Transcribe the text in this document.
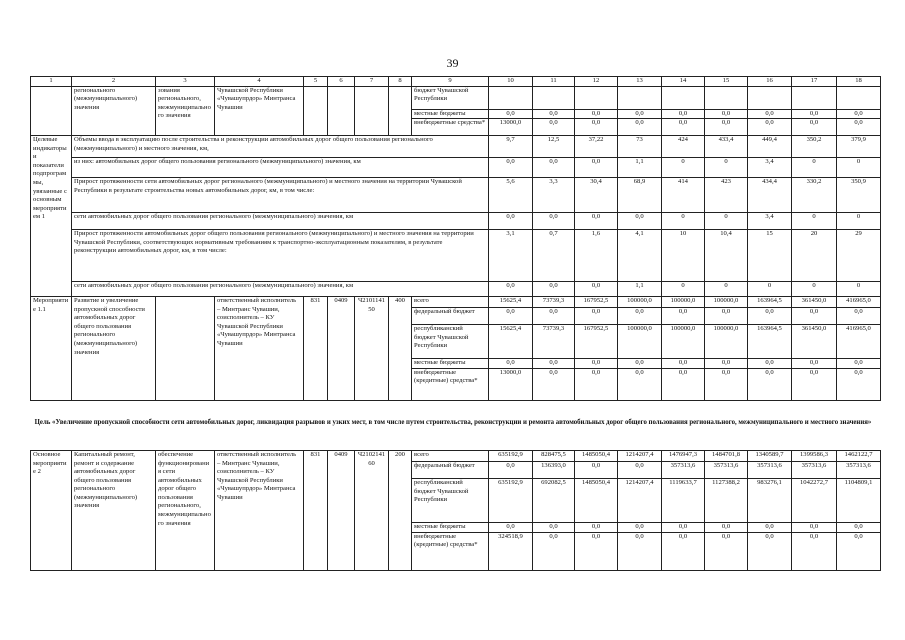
39
1	2	3	4	5	6	7	8	9	10	11	12	13	14	15	16	17	18
	регионального (межмуниципального) значения	зования регионального, межмуниципального значения	Чувашской Республики «Чувашупрдор» Минтранса Чувашии					бюджет Чувашской Республики									
								местные бюджеты	0,0	0,0	0,0	0,0	0,0	0,0	0,0	0,0	0,0
								внебюджетные средства*	13000,0	0,0	0,0	0,0	0,0	0,0	0,0	0,0	0,0
Целевые индикаторы и показатели подпрограммы, увязанные с основным мероприятием 1	Объемы ввода в эксплуатацию после строительства и реконструкции автомобильных дорог общего пользования регионального (межмуниципального) и местного значения, км,								9,7	12,5	37,22	73	424	433,4	449,4	350,2	379,9
	из них: автомобильных дорог общего пользования регионального (межмуниципального) значения, км								0,0	0,0	0,0	1,1	0	0	3,4	0	0
	Прирост протяженности сети автомобильных дорог регионального (межмуниципального) и местного значения на территории Чувашской Республики в результате строительства новых автомобильных дорог, км, в том числе:								5,6	3,3	30,4	68,9	414	423	434,4	330,2	350,9
	сети автомобильных дорог общего пользования регионального (межмуниципального) значения, км								0,0	0,0	0,0	0,0	0	0	3,4	0	0
	Прирост протяженности автомобильных дорог общего пользования регионального (межмуниципального) и местного значения на территории Чувашской Республики, соответствующих нормативным требованиям к транспортно-эксплуатационным показателям, в результате реконструкции автомобильных дорог, км, в том числе:								3,1	0,7	1,6	4,1	10	10,4	15	20	29
	сети автомобильных дорог общего пользования регионального (межмуниципального) значения, км								0,0	0,0	0,0	1,1	0	0	0	0	0
Мероприятие 1.1	Развитие и увеличение пропускной способности автомобильных дорог общего пользования регионального (межмуниципального) значения		ответственный исполнитель – Минтранс Чувашии, соисполнитель – КУ Чувашской Республики «Чувашупрдор» Минтранса Чувашии	831	0409	Ч210114150	400	всего	15625,4	73739,3	167952,5	100000,0	100000,0	100000,0	163964,5	361450,0	416965,0
								федеральный бюджет	0,0	0,0	0,0	0,0	0,0	0,0	0,0	0,0	0,0
								республиканский бюджет Чувашской Республики	15625,4	73739,3	167952,5	100000,0	100000,0	100000,0	163964,5	361450,0	416965,0
								местные бюджеты	0,0	0,0	0,0	0,0	0,0	0,0	0,0	0,0	0,0
								внебюджетные (кредитные) средства*	13000,0	0,0	0,0	0,0	0,0	0,0	0,0	0,0	0,0
Цель «Увеличение пропускной способности сети автомобильных дорог, ликвидация разрывов и узких мест, в том числе путем строительства, реконструкции и ремонта автомобильных дорог общего пользования регионального, межмуниципального и местного значения»
Основное мероприятие 2	Капитальный ремонт, ремонт и содержание автомобильных дорог общего пользования регионального (межмуниципального) значения	обеспечение функционирования сети автомобильных дорог общего пользования регионального, межмуниципального значения	ответственный исполнитель – Минтранс Чувашии, соисполнитель – КУ Чувашской Республики «Чувашупрдор» Минтранса Чувашии	831	0409	Ч210214160	200	всего	635192,9	828475,5	1485050,4	1214207,4	1476947,3	1484701,8	1340589,7	1399586,3	1462122,7
								федеральный бюджет	0,0	136393,0	0,0	0,0	357313,6	357313,6	357313,6	357313,6	357313,6
								республиканский бюджет Чувашской Республики	635192,9	692082,5	1485050,4	1214207,4	1119633,7	1127388,2	983276,1	1042272,7	1104809,1
								местные бюджеты	0,0	0,0	0,0	0,0	0,0	0,0	0,0	0,0	0,0
								внебюджетные (кредитные) средства*	324518,9	0,0	0,0	0,0	0,0	0,0	0,0	0,0	0,0
